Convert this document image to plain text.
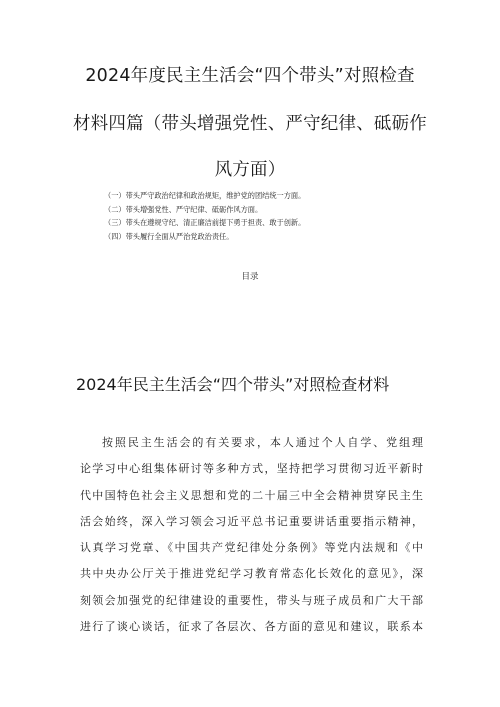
2024年度民主生活会“四个带头”对照检查
材料四篇（带头增强党性、严守纪律、砥砺作
风方面）
（一）带头严守政治纪律和政治规矩，维护党的团结统一方面。
（二）带头增强党性、严守纪律、砥砺作风方面。
（三）带头在遵规守纪、清正廉洁前提下勇于担责、敢于创新。
（四）带头履行全面从严治党政治责任。
目录
2024年民主生活会“四个带头”对照检查材料
按照民主生活会的有关要求，本人通过个人自学、党组理
论学习中心组集体研讨等多种方式，坚持把学习贯彻习近平新时
代中国特色社会主义思想和党的二十届三中全会精神贯穿民主生
活会始终，深入学习领会习近平总书记重要讲话重要指示精神，
认真学习党章、《中国共产党纪律处分条例》等党内法规和《中
共中央办公厅关于推进党纪学习教育常态化长效化的意见》，深
刻领会加强党的纪律建设的重要性，带头与班子成员和广大干部
进行了谈心谈话，征求了各层次、各方面的意见和建议，联系本
